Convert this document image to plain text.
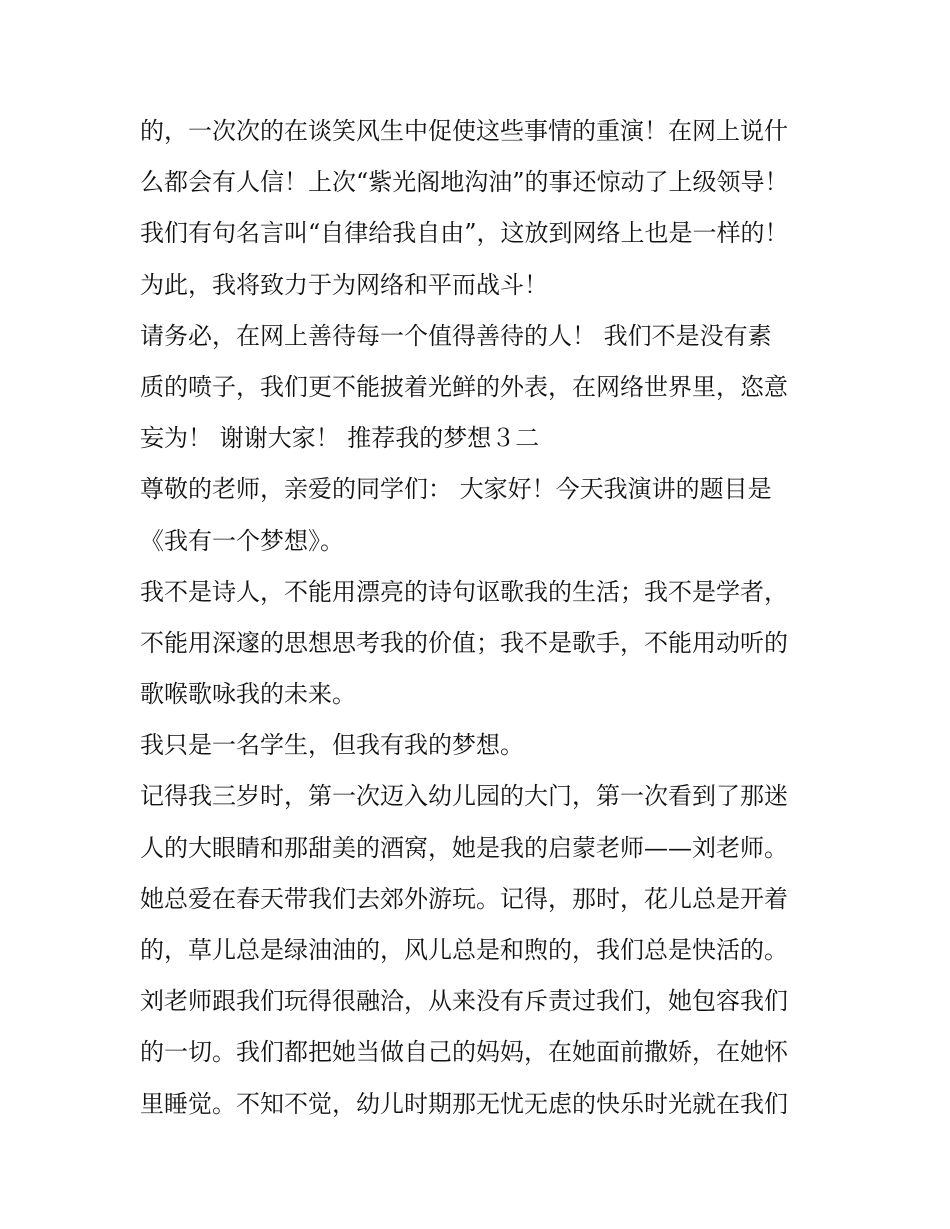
的，一次次的在谈笑风生中促使这些事情的重演！在网上说什
么都会有人信！上次“紫光阁地沟油”的事还惊动了上级领导！
我们有句名言叫“自律给我自由”，这放到网络上也是一样的！
为此，我将致力于为网络和平而战斗！
请务必，在网上善待每一个值得善待的人！ 我们不是没有素
质的喷子，我们更不能披着光鲜的外表，在网络世界里，恣意
妄为！ 谢谢大家！ 推荐我的梦想３二
尊敬的老师，亲爱的同学们： 大家好！今天我演讲的题目是
《我有一个梦想》。
我不是诗人，不能用漂亮的诗句讴歌我的生活；我不是学者，
不能用深邃的思想思考我的价值；我不是歌手，不能用动听的
歌喉歌咏我的未来。
我只是一名学生，但我有我的梦想。
记得我三岁时，第一次迈入幼儿园的大门，第一次看到了那迷
人的大眼睛和那甜美的酒窝，她是我的启蒙老师——刘老师。
她总爱在春天带我们去郊外游玩。记得，那时，花儿总是开着
的，草儿总是绿油油的，风儿总是和煦的，我们总是快活的。
刘老师跟我们玩得很融洽，从来没有斥责过我们，她包容我们
的一切。我们都把她当做自己的妈妈，在她面前撒娇，在她怀
里睡觉。不知不觉，幼儿时期那无忧无虑的快乐时光就在我们
